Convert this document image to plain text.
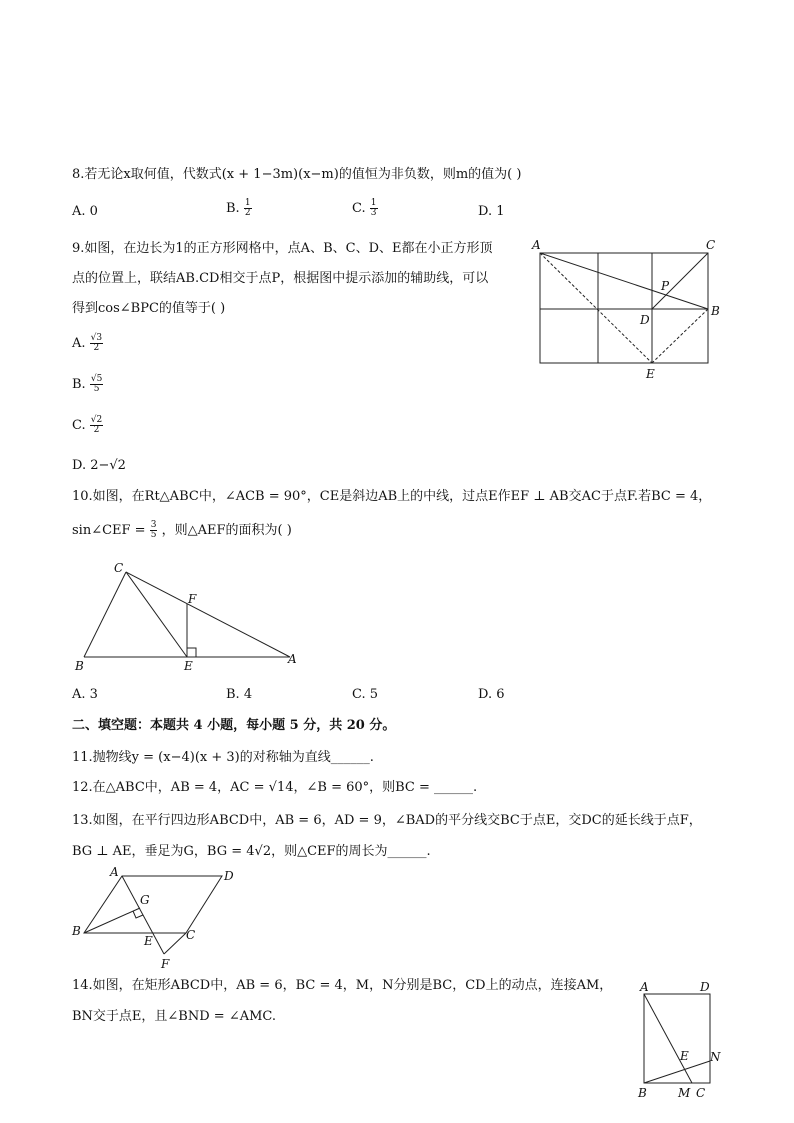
8.若无论x取何值，代数式(x + 1−3m)(x−m)的值恒为非负数，则m的值为( )
A. 0	B. $\frac{1}{2}$	C. $\frac{1}{3}$	D. 1
9.如图，在边长为1的正方形网格中，点A、B、C、D、E都在小正方形顶
点的位置上，联结AB.CD相交于点P，根据图中提示添加的辅助线，可以
得到cos∠BPC的值等于( )
A. $\frac{√3}{2}$
B. $\frac{√5}{5}$
C. $\frac{√2}{2}$
D. 2−√2
A	C
P
D
B
E
10.如图，在Rt△ABC中，∠ACB = 90°，CE是斜边AB上的中线，过点E作EF ⊥ AB交AC于点F.若BC = 4，
sin∠CEF = $\frac{3}{5}$ ，则△AEF的面积为( )
C
F
B	E	A
A. 3	B. 4	C. 5	D. 6
二、填空题：本题共 4 小题，每小题 5 分，共 20 分。
11.抛物线y = (x−4)(x + 3)的对称轴为直线______.
12.在△ABC中，AB = 4，AC = √14，∠B = 60°，则BC = ______.
13.如图，在平行四边形ABCD中，AB = 6，AD = 9，∠BAD的平分线交BC于点E，交DC的延长线于点F，
BG ⊥ AE，垂足为G，BG = 4√2，则△CEF的周长为______.
A	D
G
B
E	C
F
14.如图，在矩形ABCD中，AB = 6，BC = 4，M，N分别是BC，CD上的动点，连接AM，
BN交于点E，且∠BND = ∠AMC.
A	D
E N
B	M C
